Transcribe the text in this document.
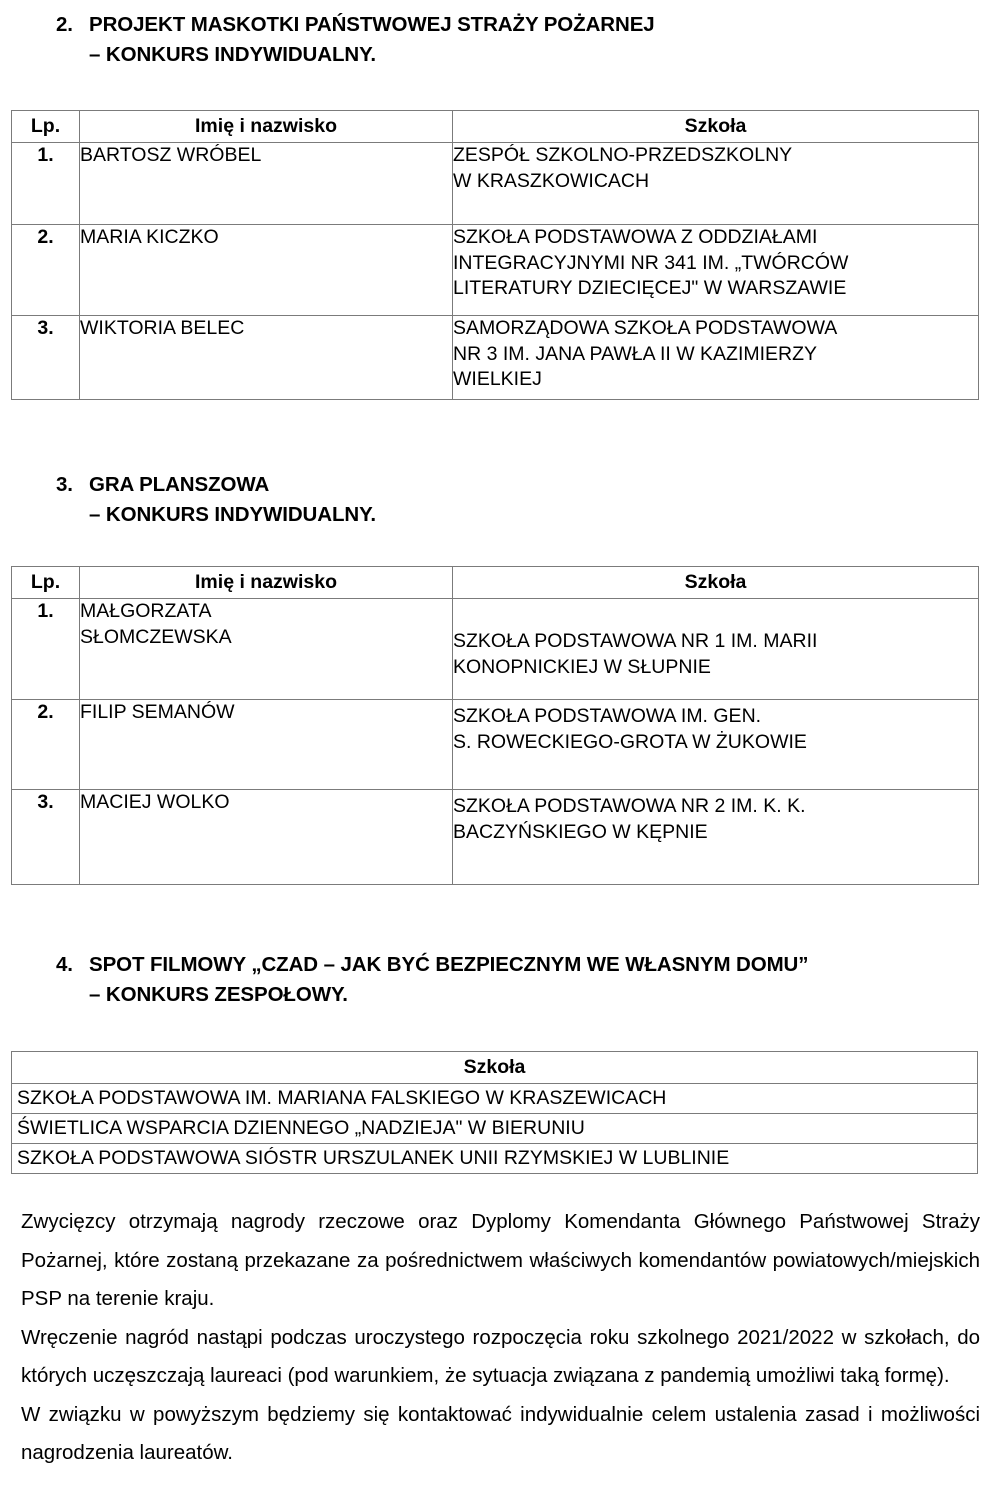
2. PROJEKT MASKOTKI PAŃSTWOWEJ STRAŻY POŻARNEJ
– KONKURS INDYWIDUALNY.
Lp.	Imię i nazwisko	Szkoła
1.	BARTOSZ WRÓBEL	ZESPÓŁ SZKOLNO-PRZEDSZKOLNY
W KRASZKOWICACH

2.	MARIA KICZKO	SZKOŁA PODSTAWOWA Z ODDZIAŁAMI
INTEGRACYJNYMI NR 341 IM. „TWÓRCÓW
LITERATURY DZIECIĘCEJ" W WARSZAWIE

3.	WIKTORIA BELEC	SAMORZĄDOWA SZKOŁA PODSTAWOWA
NR 3 IM. JANA PAWŁA II W KAZIMIERZY
WIELKIEJ
3. GRA PLANSZOWA
– KONKURS INDYWIDUALNY.
Lp.	Imię i nazwisko	Szkoła
1.	MAŁGORZATA
SŁOMCZEWSKA	SZKOŁA PODSTAWOWA NR 1 IM. MARII
KONOPNICKIEJ W SŁUPNIE

2.	FILIP SEMANÓW	SZKOŁA PODSTAWOWA IM. GEN.
S. ROWECKIEGO-GROTA W ŻUKOWIE

3.	MACIEJ WOLKO	SZKOŁA PODSTAWOWA NR 2 IM. K. K.
BACZYŃSKIEGO W KĘPNIE
4. SPOT FILMOWY „CZAD – JAK BYĆ BEZPIECZNYM WE WŁASNYM DOMU”
– KONKURS ZESPOŁOWY.
Szkoła
SZKOŁA PODSTAWOWA IM. MARIANA FALSKIEGO W KRASZEWICACH
ŚWIETLICA WSPARCIA DZIENNEGO „NADZIEJA" W BIERUNIU
SZKOŁA PODSTAWOWA SIÓSTR URSZULANEK UNII RZYMSKIEJ W LUBLINIE

Zwycięzcy otrzymają nagrody rzeczowe oraz Dyplomy Komendanta Głównego Państwowej Straży Pożarnej, które zostaną przekazane za pośrednictwem właściwych komendantów powiatowych/miejskich PSP na terenie kraju.

Wręczenie nagród nastąpi podczas uroczystego rozpoczęcia roku szkolnego 2021/2022 w szkołach, do których uczęszczają laureaci (pod warunkiem, że sytuacja związana z pandemią umożliwi taką formę).

W związku w powyższym będziemy się kontaktować indywidualnie celem ustalenia zasad i możliwości nagrodzenia laureatów.
